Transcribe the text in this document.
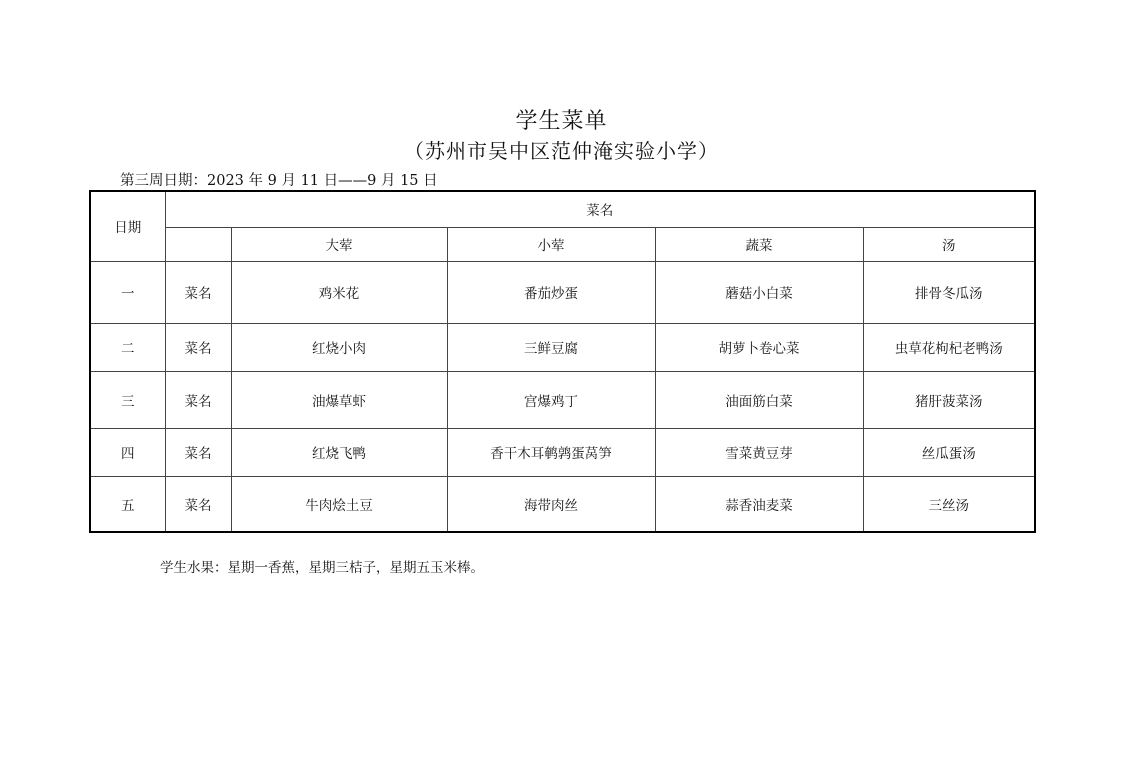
学生菜单
（苏州市吴中区范仲淹实验小学）
第三周日期：2023 年 9 月 11 日——9 月 15 日
日期	菜名				
		大荤	小荤	蔬菜	汤
一	菜名	鸡米花	番茄炒蛋	蘑菇小白菜	排骨冬瓜汤
二	菜名	红烧小肉	三鲜豆腐	胡萝卜卷心菜	虫草花枸杞老鸭汤
三	菜名	油爆草虾	宫爆鸡丁	油面筋白菜	猪肝菠菜汤
四	菜名	红烧飞鸭	香干木耳鹌鹑蛋莴笋	雪菜黄豆芽	丝瓜蛋汤
五	菜名	牛肉烩土豆	海带肉丝	蒜香油麦菜	三丝汤
学生水果：星期一香蕉，星期三桔子，星期五玉米棒。
